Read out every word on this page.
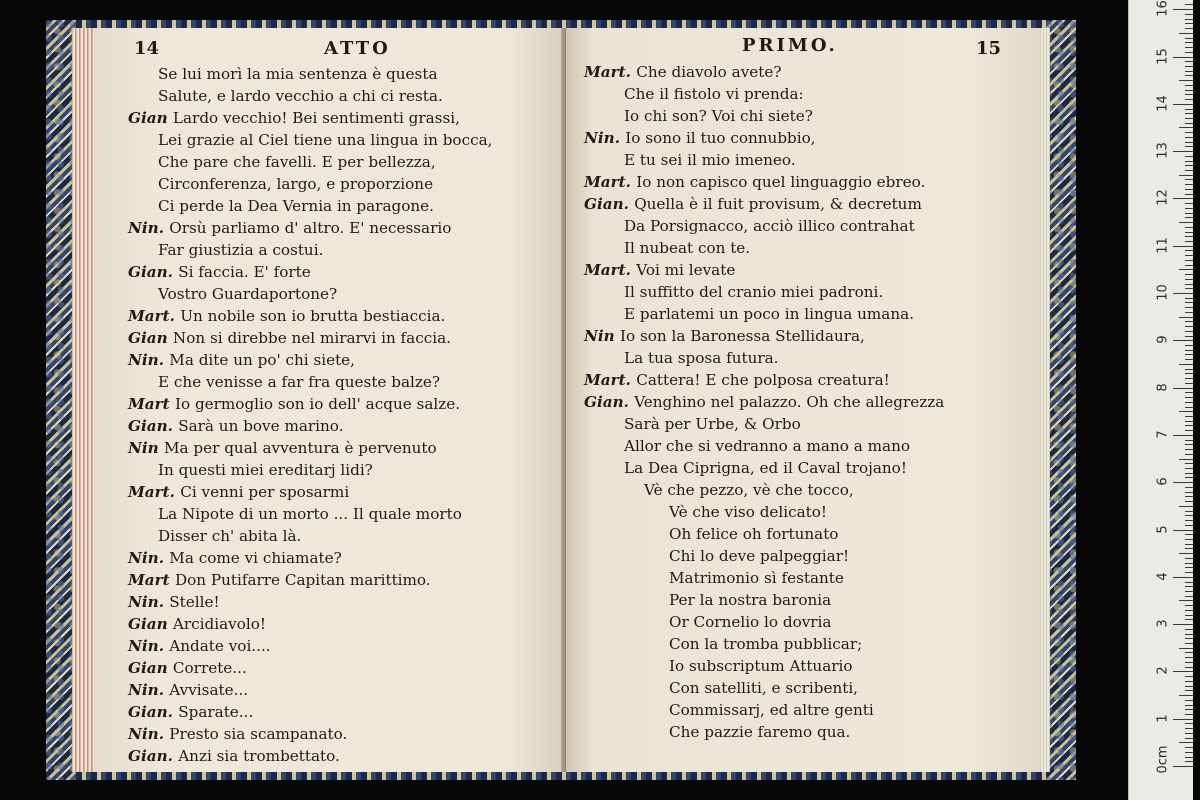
14	ATTO
Se lui morì la mia sentenza è questa
Salute, e lardo vecchio a chi ci resta.
Gian Lardo vecchio! Bei sentimenti grassi,
Lei grazie al Ciel tiene una lingua in bocca,
Che pare che favelli. E per bellezza,
Circonferenza, largo, e proporzione
Ci perde la Dea Vernia in paragone.
Nin. Orsù parliamo d' altro. E' necessario
Far giustizia a costui.
Gian. Si faccia. E' forte
Vostro Guardaportone?
Mart. Un nobile son io brutta bestiaccia.
Gian Non si direbbe nel mirarvi in faccia.
Nin. Ma dite un po' chi siete,
E che venisse a far fra queste balze?
Mart Io germoglio son io dell' acque salze.
Gian. Sarà un bove marino.
Nin Ma per qual avventura è pervenuto
In questi miei ereditarj lidi?
Mart. Ci venni per sposarmi
La Nipote di un morto ... Il quale morto
Disser ch' abita là.
Nin. Ma come vi chiamate?
Mart Don Putifarre Capitan marittimo.
Nin. Stelle!
Gian Arcidiavolo!
Nin. Andate voi....
Gian Correte...
Nin. Avvisate...
Gian. Sparate...
Nin. Presto sia scampanato.
Gian. Anzi sia trombettato.
PRIMO.	15
Mart. Che diavolo avete?
Che il fistolo vi prenda:
Io chi son? Voi chi siete?
Nin. Io sono il tuo connubbio,
E tu sei il mio imeneo.
Mart. Io non capisco quel linguaggio ebreo.
Gian. Quella è il fuit provisum, & decretum
Da Porsignacco, acciò illico contrahat
Il nubeat con te.
Mart. Voi mi levate
Il suffitto del cranio miei padroni.
E parlatemi un poco in lingua umana.
Nin Io son la Baronessa Stellidaura,
La tua sposa futura.
Mart. Cattera! E che polposa creatura!
Gian. Venghino nel palazzo. Oh che allegrezza
Sarà per Urbe, & Orbo
Allor che si vedranno a mano a mano
La Dea Ciprigna, ed il Caval trojano!
Vè che pezzo, vè che tocco,
Vè che viso delicato!
Oh felice oh fortunato
Chi lo deve palpeggiar!
Matrimonio sì festante
Per la nostra baronia
Or Cornelio lo dovria
Con la tromba pubblicar;
Io subscriptum Attuario
Con satelliti, e scribenti,
Commissarj, ed altre genti
Che pazzie faremo qua.
0cm
1
2
3
4
5
6
7
8
9
10
11
12
13
14
15
16
